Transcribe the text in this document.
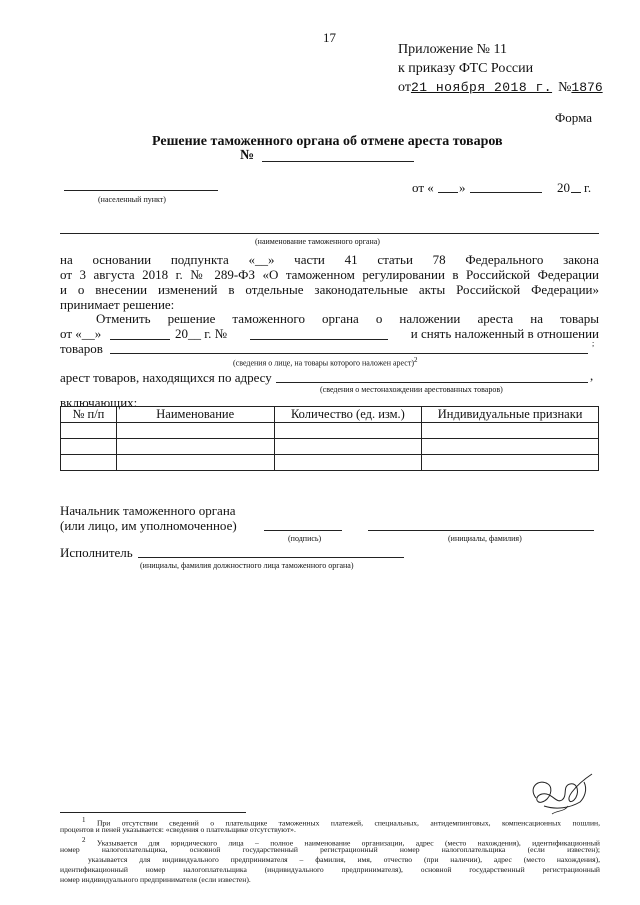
17
Приложение № 11
к приказу ФТС России
от21 ноября 2018 г. №1876
Форма
Решение таможенного органа об отмене ареста товаров
№
(населенный пункт)
от « »	20 г.
(наименование таможенного органа)
на основании подпункта «__» части 41 статьи 78 Федерального закона
от 3 августа 2018 г. № 289-ФЗ «О таможенном регулировании в Российской Федерации
и о внесении изменений в отдельные законодательные акты Российской Федерации»
принимает решение:
Отменить решение таможенного органа о наложении ареста на товары
от «__»	20__ г. №	и снять наложенный в отношении
товаров	;
(сведения о лице, на товары которого наложен арест)$^2$
арест товаров, находящихся по адресу	,
(сведения о местонахождении арестованных товаров)
включающих:
№ п/п	Наименование	Количество (ед. изм.)	Индивидуальные признаки

Начальник таможенного органа
(или лицо, им уполномоченное)
(подпись)	(инициалы, фамилия)
Исполнитель
(инициалы, фамилия должностного лица таможенного органа)
$^1$ При отсутствии сведений о плательщике таможенных платежей, специальных, антидемпинговых, компенсационных пошлин,
процентов и пеней указывается: «сведения о плательщике отсутствуют».
$^2$ Указывается для юридического лица – полное наименование организации, адрес (место нахождения), идентификационный
номер налогоплательщика, основной государственный регистрационный номер налогоплательщика (если известен);
указывается для индивидуального предпринимателя – фамилия, имя, отчество (при наличии), адрес (место нахождения),
идентификационный номер налогоплательщика (индивидуального предпринимателя), основной государственный регистрационный
номер индивидуального предпринимателя (если известен).
